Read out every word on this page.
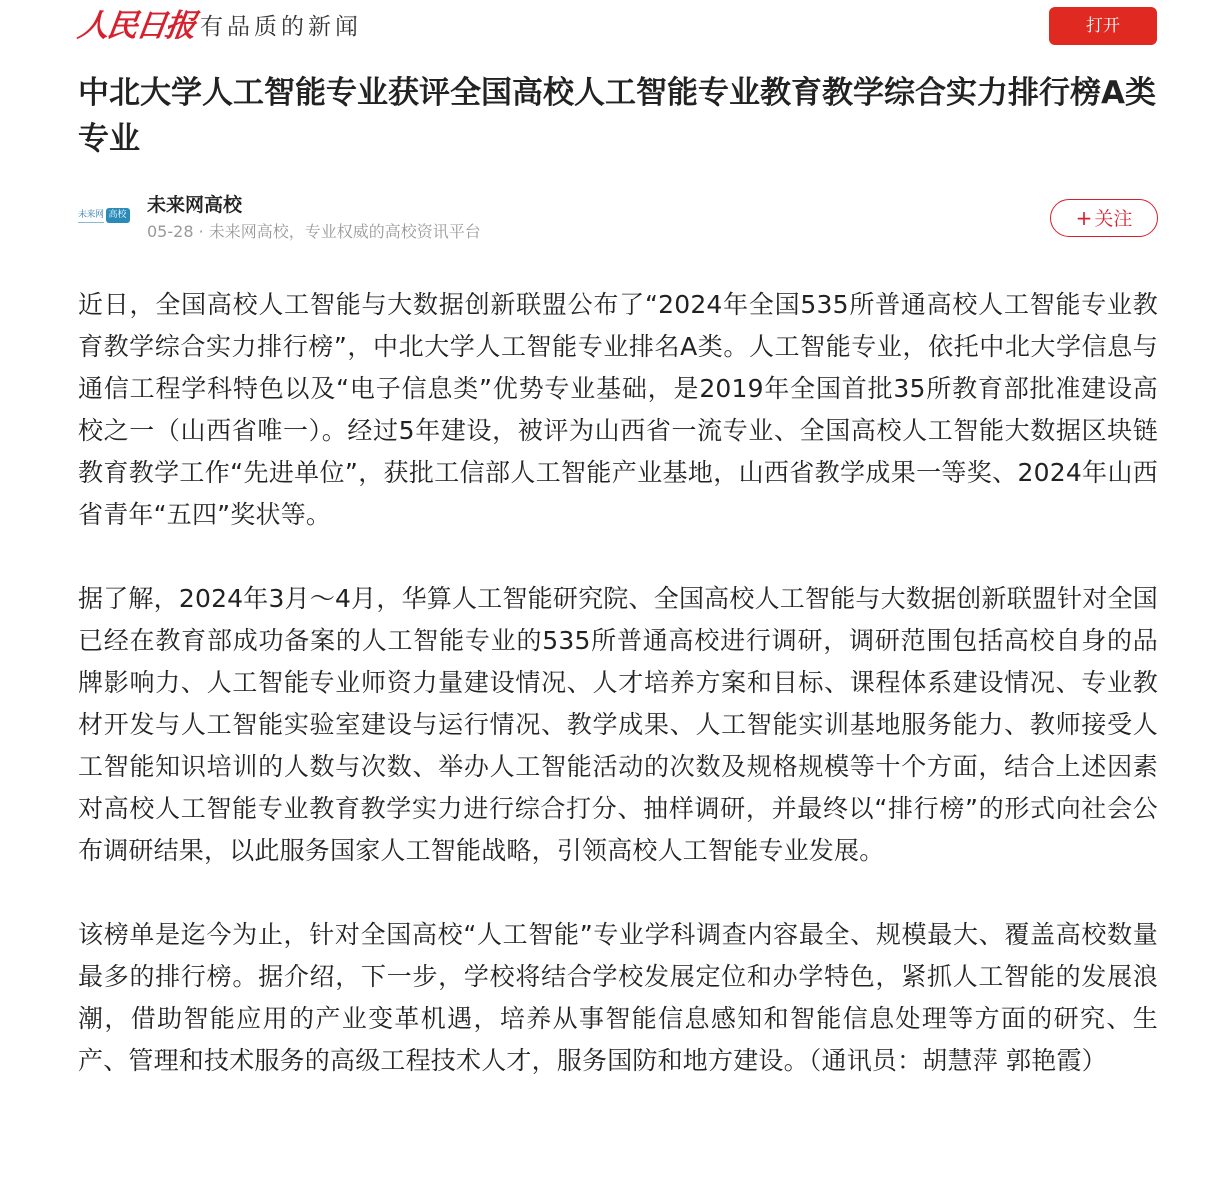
人民日报 有品质的新闻	打开
中北大学人工智能专业获评全国高校人工智能专业教育教学综合实力排行榜A类专业
未来网 高校 未来网高校
05-28 · 未来网高校，专业权威的高校资讯平台
+ 关注

近日，全国高校人工智能与大数据创新联盟公布了“2024年全国535所普通高校人工智能专业教育教学综合实力排行榜”，中北大学人工智能专业排名A类。人工智能专业，依托中北大学信息与通信工程学科特色以及“电子信息类”优势专业基础，是2019年全国首批35所教育部批准建设高校之一（山西省唯一）。经过5年建设，被评为山西省一流专业、全国高校人工智能大数据区块链教育教学工作“先进单位”，获批工信部人工智能产业基地，山西省教学成果一等奖、2024年山西省青年“五四”奖状等。

据了解，2024年3月～4月，华算人工智能研究院、全国高校人工智能与大数据创新联盟针对全国已经在教育部成功备案的人工智能专业的535所普通高校进行调研，调研范围包括高校自身的品牌影响力、人工智能专业师资力量建设情况、人才培养方案和目标、课程体系建设情况、专业教材开发与人工智能实验室建设与运行情况、教学成果、人工智能实训基地服务能力、教师接受人工智能知识培训的人数与次数、举办人工智能活动的次数及规格规模等十个方面，结合上述因素对高校人工智能专业教育教学实力进行综合打分、抽样调研，并最终以“排行榜”的形式向社会公布调研结果，以此服务国家人工智能战略，引领高校人工智能专业发展。

该榜单是迄今为止，针对全国高校“人工智能”专业学科调查内容最全、规模最大、覆盖高校数量最多的排行榜。据介绍，下一步，学校将结合学校发展定位和办学特色，紧抓人工智能的发展浪潮，借助智能应用的产业变革机遇，培养从事智能信息感知和智能信息处理等方面的研究、生产、管理和技术服务的高级工程技术人才，服务国防和地方建设。（通讯员：胡慧萍 郭艳霞）
